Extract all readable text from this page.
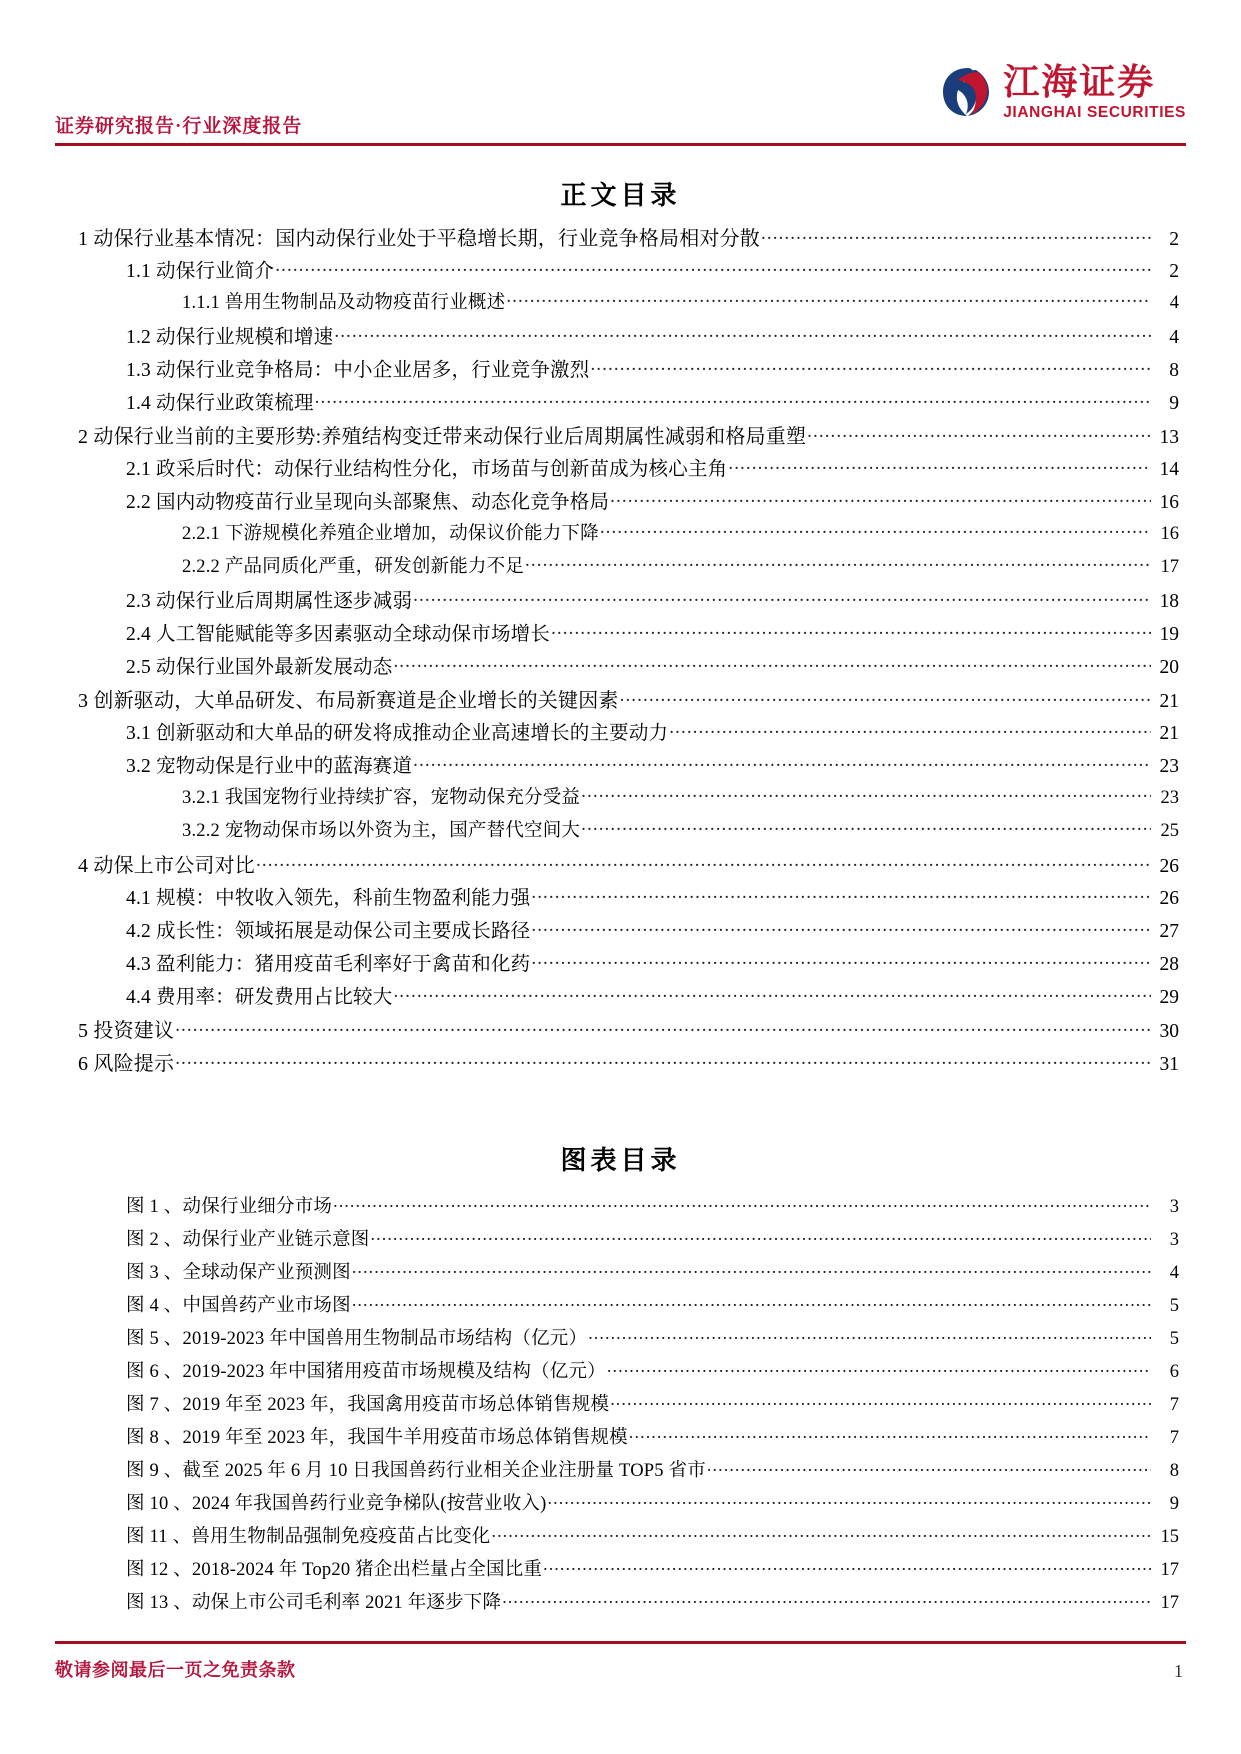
证券研究报告·行业深度报告
江海证券
JIANGHAI SECURITIES
正文目录
1 动保行业基本情况：国内动保行业处于平稳增长期，行业竞争格局相对分散 .....	2
1.1 动保行业简介 .....	2
1.1.1 兽用生物制品及动物疫苗行业概述 .....	4
1.2 动保行业规模和增速 .....	4
1.3 动保行业竞争格局：中小企业居多，行业竞争激烈 .....	8
1.4 动保行业政策梳理 .....	9
2 动保行业当前的主要形势:养殖结构变迁带来动保行业后周期属性减弱和格局重塑 .....	13
2.1 政采后时代：动保行业结构性分化，市场苗与创新苗成为核心主角 .....	14
2.2 国内动物疫苗行业呈现向头部聚焦、动态化竞争格局 .....	16
2.2.1 下游规模化养殖企业增加，动保议价能力下降 .....	16
2.2.2 产品同质化严重，研发创新能力不足 .....	17
2.3 动保行业后周期属性逐步减弱 .....	18
2.4 人工智能赋能等多因素驱动全球动保市场增长 .....	19
2.5 动保行业国外最新发展动态 .....	20
3 创新驱动，大单品研发、布局新赛道是企业增长的关键因素 .....	21
3.1 创新驱动和大单品的研发将成推动企业高速增长的主要动力 .....	21
3.2 宠物动保是行业中的蓝海赛道 .....	23
3.2.1 我国宠物行业持续扩容，宠物动保充分受益 .....	23
3.2.2 宠物动保市场以外资为主，国产替代空间大 .....	25
4 动保上市公司对比 .....	26
4.1 规模：中牧收入领先，科前生物盈利能力强 .....	26
4.2 成长性：领域拓展是动保公司主要成长路径 .....	27
4.3 盈利能力：猪用疫苗毛利率好于禽苗和化药 .....	28
4.4 费用率：研发费用占比较大 .....	29
5 投资建议 .....	30
6 风险提示 .....	31
图表目录
图 1 、动保行业细分市场 .....	3
图 2 、动保行业产业链示意图 .....	3
图 3 、全球动保产业预测图 .....	4
图 4 、中国兽药产业市场图 .....	5
图 5 、2019-2023 年中国兽用生物制品市场结构（亿元） .....	5
图 6 、2019-2023 年中国猪用疫苗市场规模及结构（亿元） .....	6
图 7 、2019 年至 2023 年，我国禽用疫苗市场总体销售规模 .....	7
图 8 、2019 年至 2023 年，我国牛羊用疫苗市场总体销售规模 .....	7
图 9 、截至 2025 年 6 月 10 日我国兽药行业相关企业注册量 TOP5 省市 .....	8
图 10 、2024 年我国兽药行业竞争梯队(按营业收入) .....	9
图 11 、兽用生物制品强制免疫疫苗占比变化 .....	15
图 12 、2018-2024 年 Top20 猪企出栏量占全国比重 .....	17
图 13 、动保上市公司毛利率 2021 年逐步下降 .....	17
敬请参阅最后一页之免责条款	1
